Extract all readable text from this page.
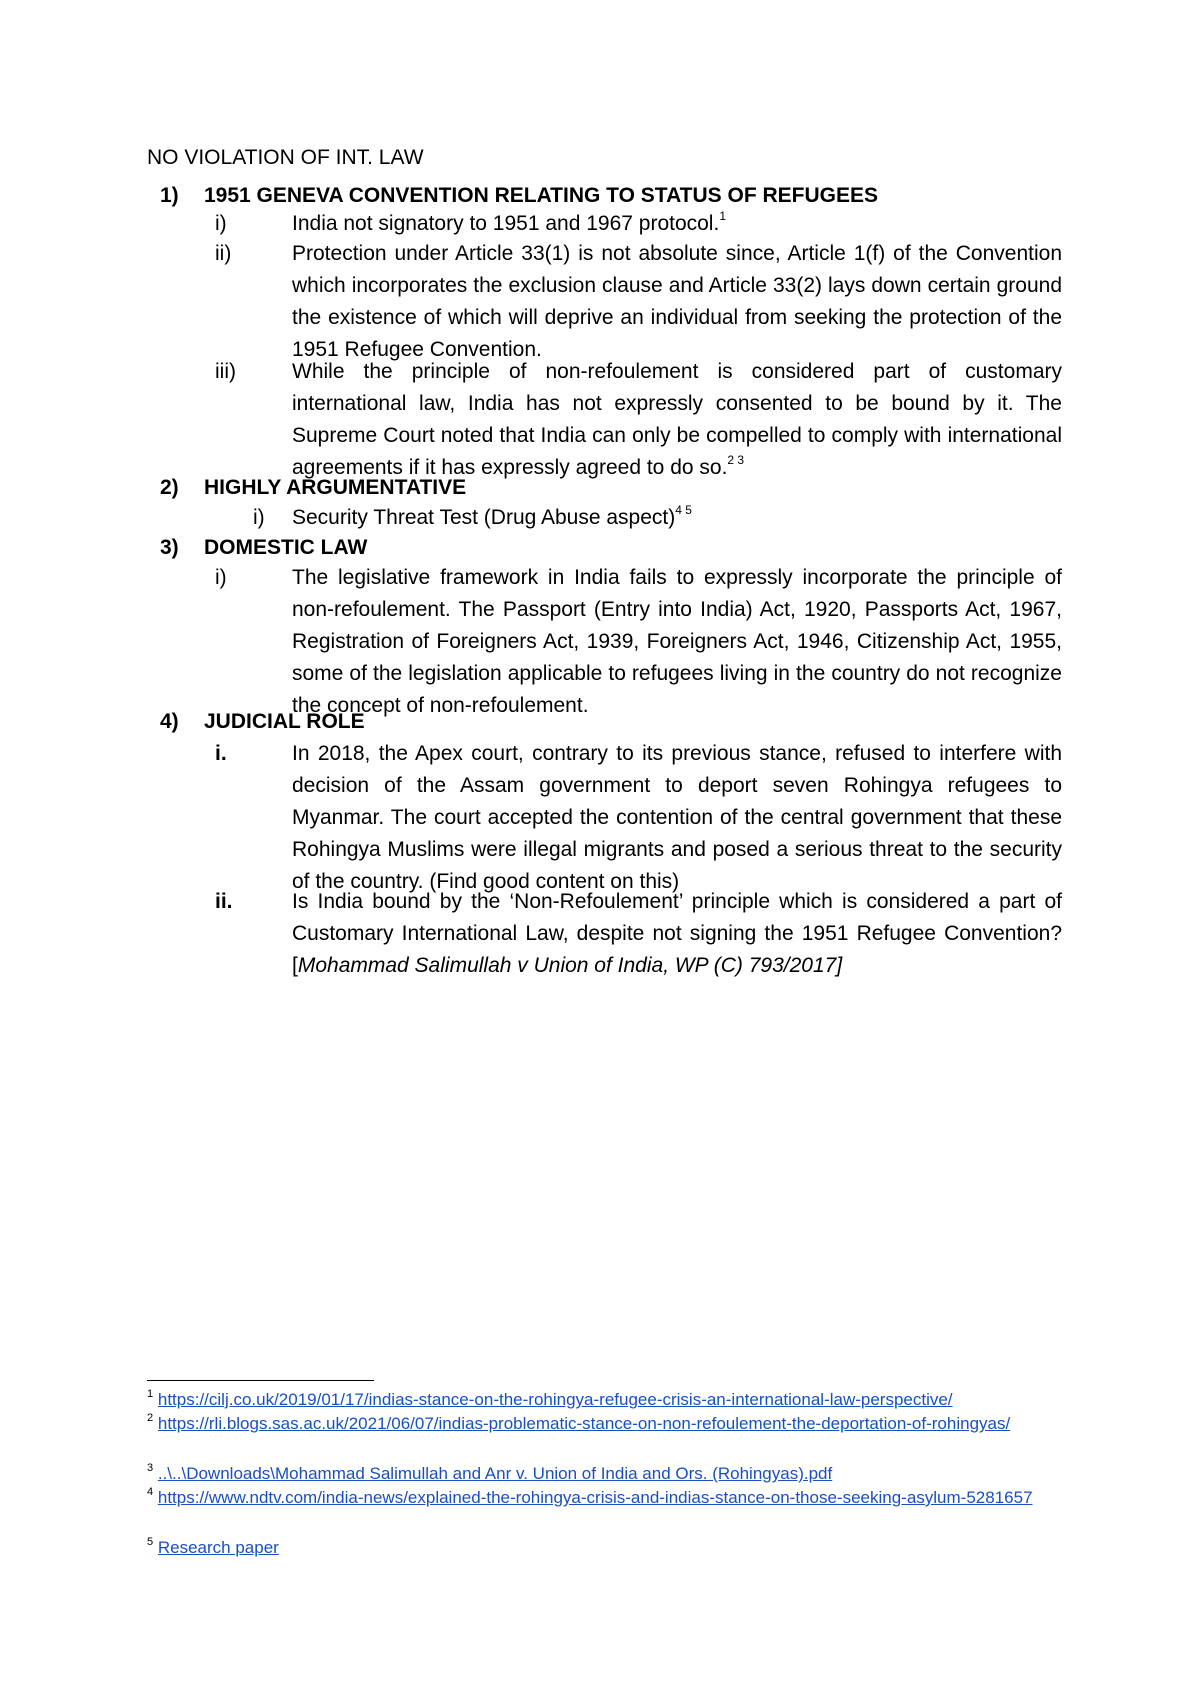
NO VIOLATION OF INT. LAW
1) 1951 GENEVA CONVENTION RELATING TO STATUS OF REFUGEES
i)	India not signatory to 1951 and 1967 protocol.$^1$
ii)	Protection under Article 33(1) is not absolute since, Article 1(f) of the Convention which incorporates the exclusion clause and Article 33(2) lays down certain ground the existence of which will deprive an individual from seeking the protection of the 1951 Refugee Convention.
iii)	While the principle of non-refoulement is considered part of customary international law, India has not expressly consented to be bound by it. The Supreme Court noted that India can only be compelled to comply with international agreements if it has expressly agreed to do so.$^{2 3}$
2) HIGHLY ARGUMENTATIVE
i) Security Threat Test (Drug Abuse aspect)$^{4 5}$
3) DOMESTIC LAW
i)	The legislative framework in India fails to expressly incorporate the principle of non-refoulement. The Passport (Entry into India) Act, 1920, Passports Act, 1967, Registration of Foreigners Act, 1939, Foreigners Act, 1946, Citizenship Act, 1955, some of the legislation applicable to refugees living in the country do not recognize the concept of non-refoulement.
4) JUDICIAL ROLE
i.	In 2018, the Apex court, contrary to its previous stance, refused to interfere with decision of the Assam government to deport seven Rohingya refugees to Myanmar. The court accepted the contention of the central government that these Rohingya Muslims were illegal migrants and posed a serious threat to the security of the country. (Find good content on this)
ii.	Is India bound by the ‘Non-Refoulement’ principle which is considered a part of Customary International Law, despite not signing the 1951 Refugee Convention? [Mohammad Salimullah v Union of India, WP (C) 793/2017]
$^1$ https://cilj.co.uk/2019/01/17/indias-stance-on-the-rohingya-refugee-crisis-an-international-law-perspective/
$^2$ https://rli.blogs.sas.ac.uk/2021/06/07/indias-problematic-stance-on-non-refoulement-the-deportation-of-rohingyas/
$^3$ ..\..\Downloads\Mohammad Salimullah and Anr v. Union of India and Ors. (Rohingyas).pdf
$^4$ https://www.ndtv.com/india-news/explained-the-rohingya-crisis-and-indias-stance-on-those-seeking-asylum-5281657
$^5$ Research paper
